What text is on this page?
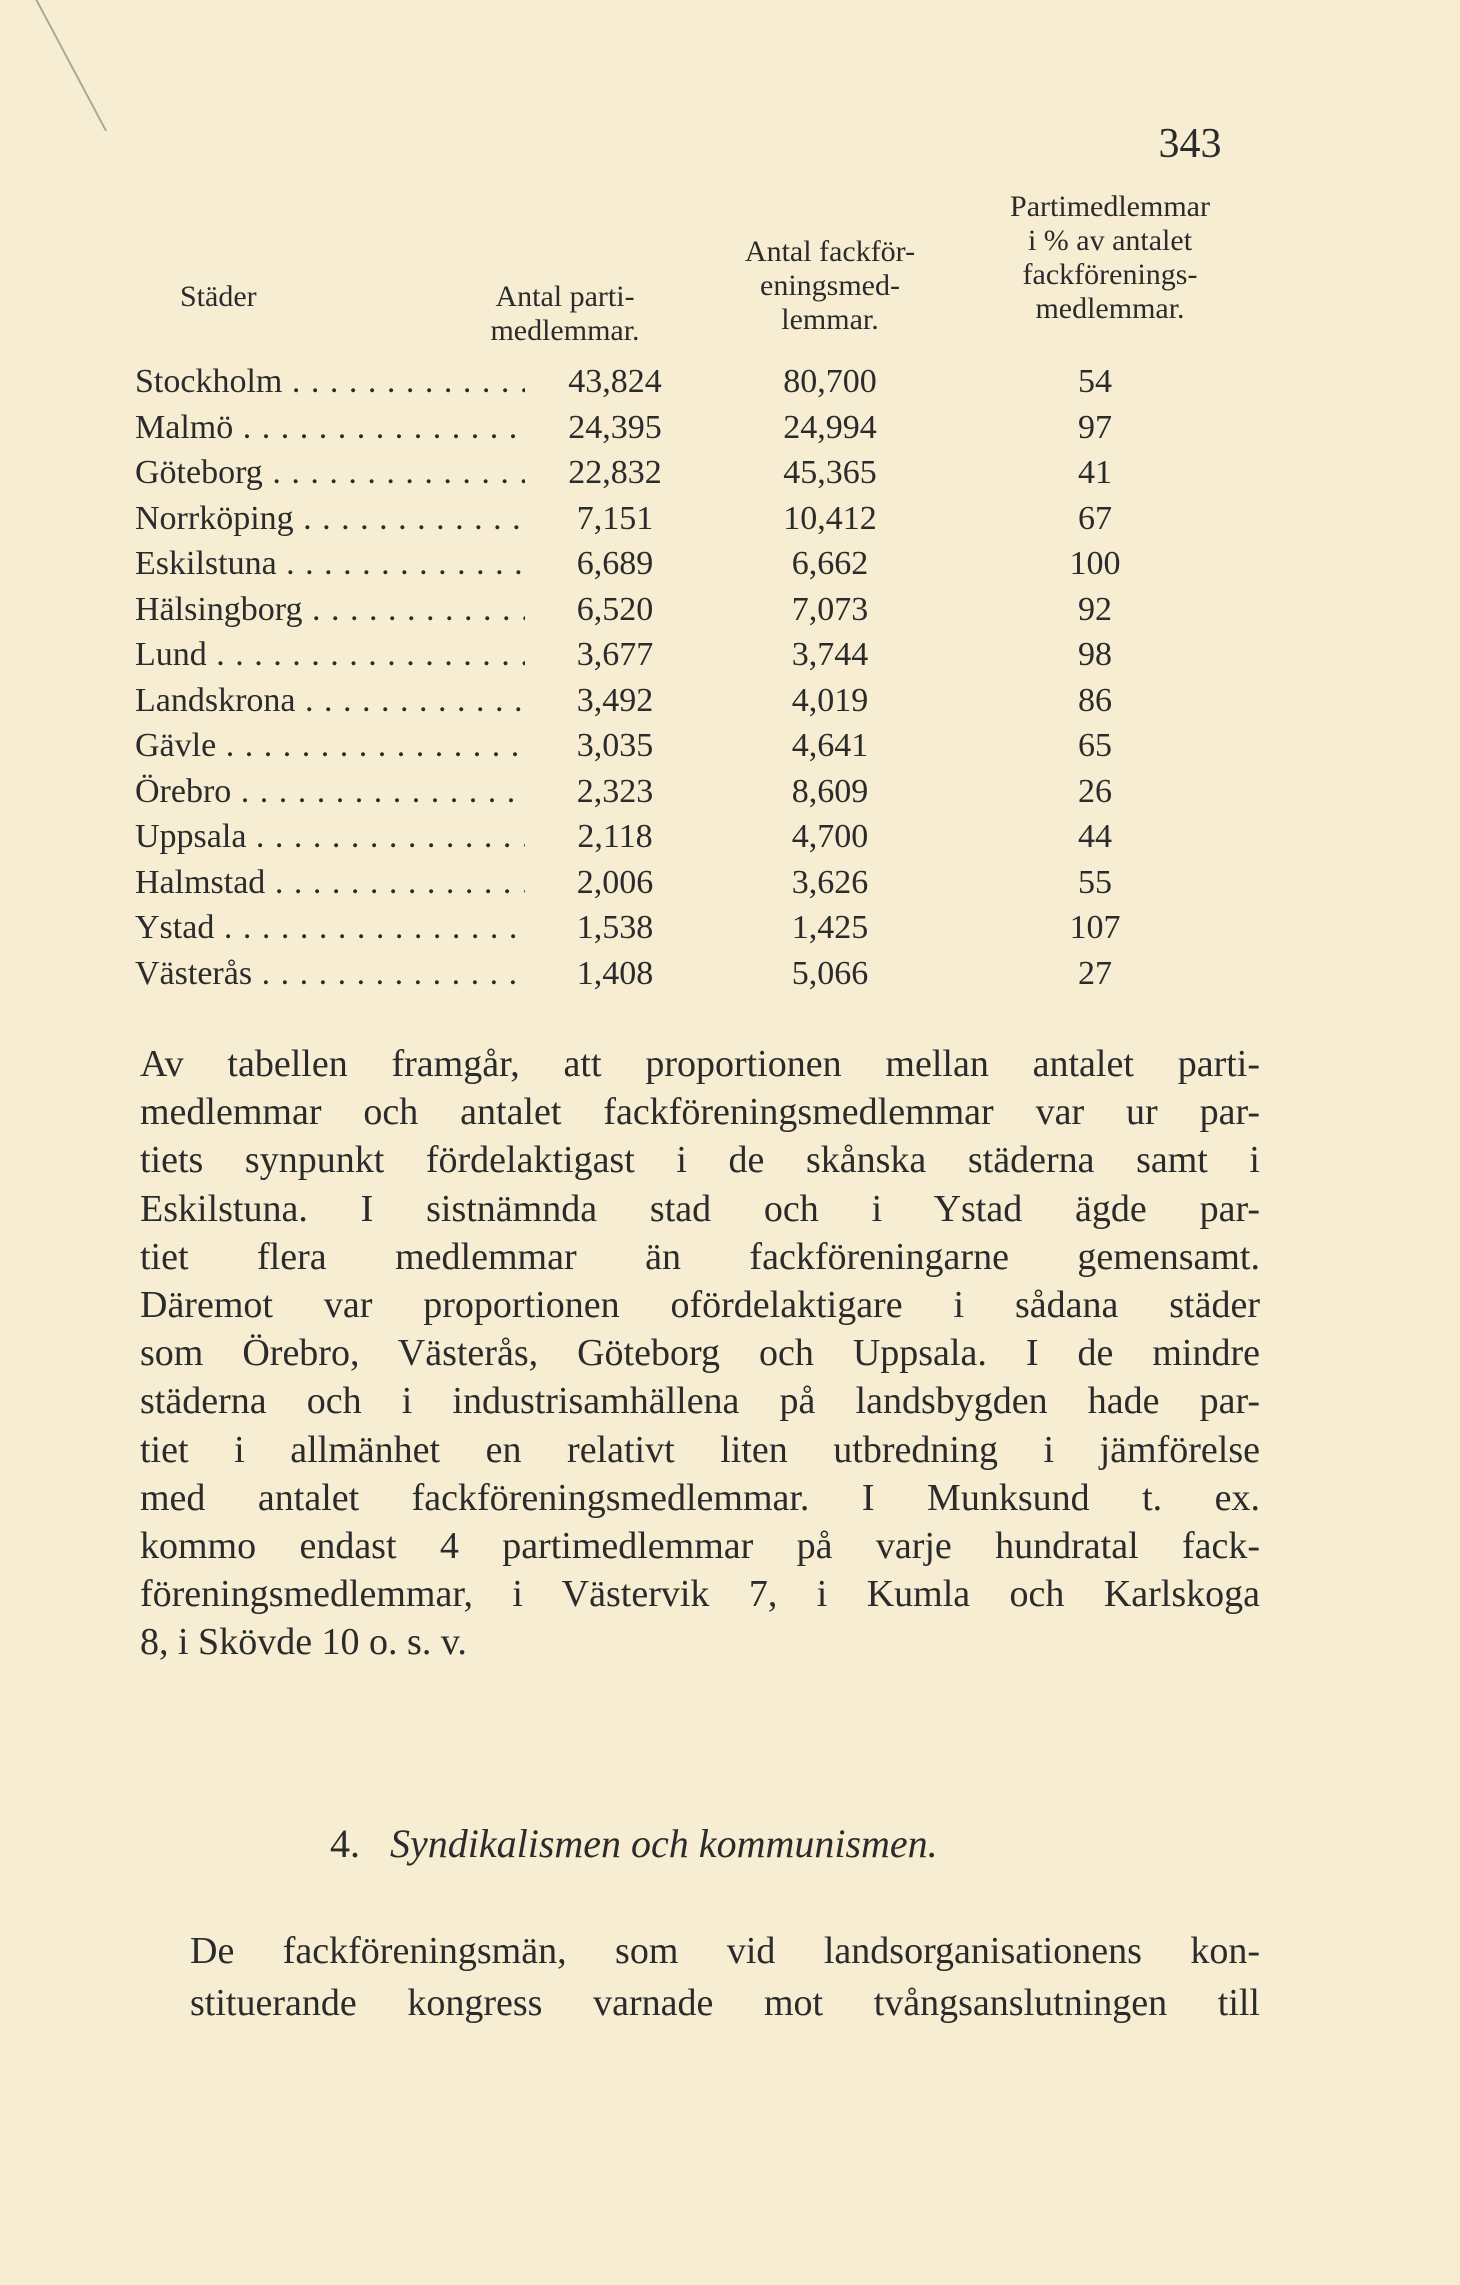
343
Städer	Antal parti-
medlemmar.
Antal fackför-
eningsmed-
lemmar.
Partimedlemmar
i % av antalet
fackförenings-
medlemmar.
Stockholm . . .	43,824	80,700	54
Malmö . . .	24,395	24,994	97
Göteborg . . .	22,832	45,365	41
Norrköping . . .	7,151	10,412	67
Eskilstuna . . .	6,689	6,662	100
Hälsingborg . . .	6,520	7,073	92
Lund . . .	3,677	3,744	98
Landskrona . . .	3,492	4,019	86
Gävle . . .	3,035	4,641	65
Örebro . . .	2,323	8,609	26
Uppsala . . .	2,118	4,700	44
Halmstad . . .	2,006	3,626	55
Ystad . . .	1,538	1,425	107
Västerås . . .	1,408	5,066	27
Av tabellen framgår, att proportionen mellan antalet parti-
medlemmar och antalet fackföreningsmedlemmar var ur par-
tiets synpunkt fördelaktigast i de skånska städerna samt i
Eskilstuna. I sistnämnda stad och i Ystad ägde par-
tiet flera medlemmar än fackföreningarne gemensamt.
Däremot var proportionen ofördelaktigare i sådana städer
som Örebro, Västerås, Göteborg och Uppsala. I de mindre
städerna och i industrisamhällena på landsbygden hade par-
tiet i allmänhet en relativt liten utbredning i jämförelse
med antalet fackföreningsmedlemmar. I Munksund t. ex.
kommo endast 4 partimedlemmar på varje hundratal fack-
föreningsmedlemmar, i Västervik 7, i Kumla och Karlskoga
8, i Skövde 10 o. s. v.
4. Syndikalismen och kommunismen.
De fackföreningsmän, som vid landsorganisationens kon-
stituerande kongress varnade mot tvångsanslutningen till
